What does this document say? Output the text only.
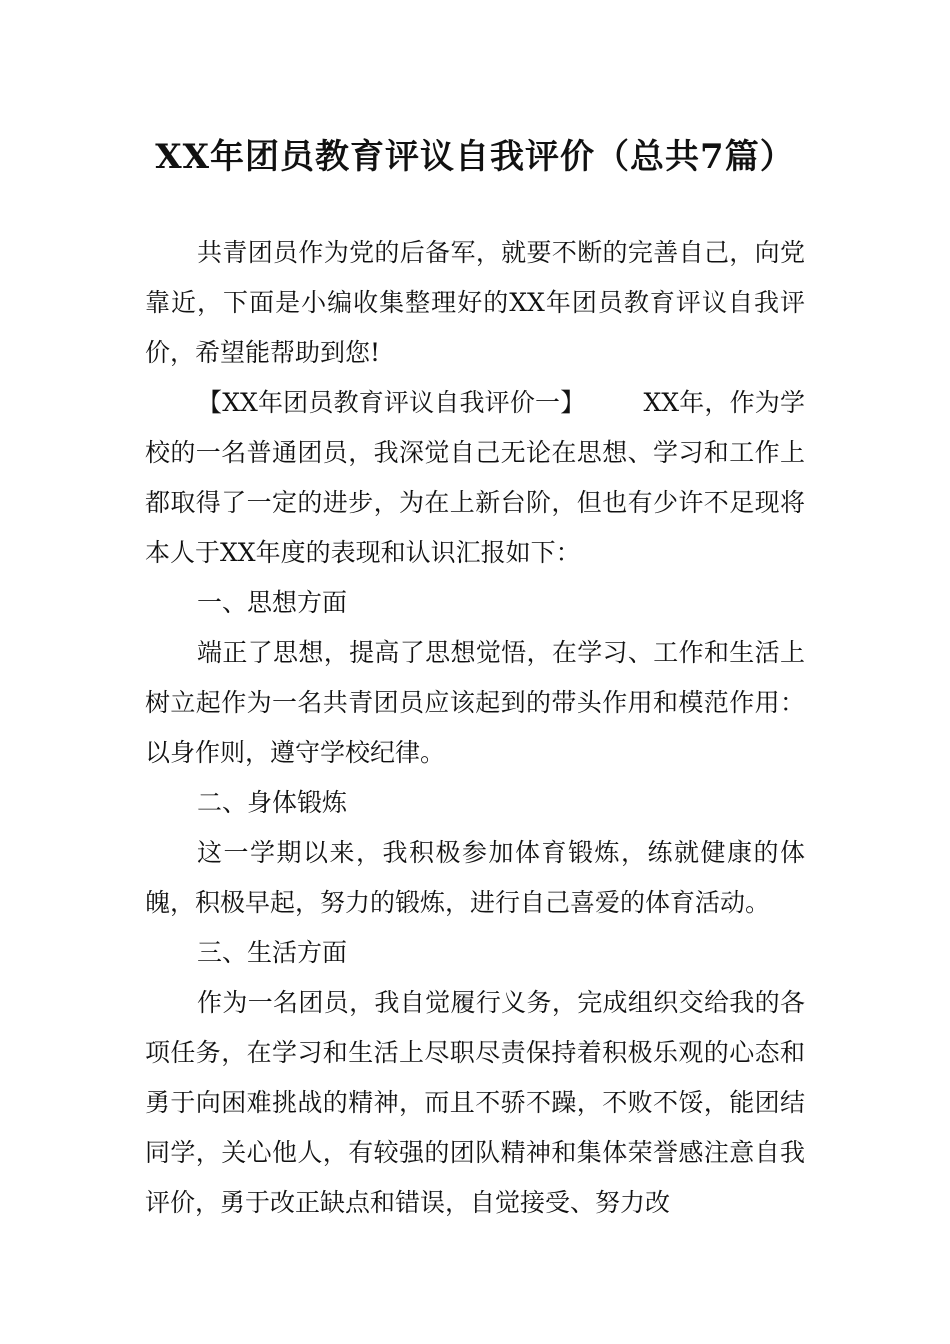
XX年团员教育评议自我评价（总共7篇）

共青团员作为党的后备军，就要不断的完善自己，向党靠近，下面是小编收集整理好的XX年团员教育评议自我评价，希望能帮助到您!

【XX年团员教育评议自我评价一】 XX年，作为学校的一名普通团员，我深觉自己无论在思想、学习和工作上都取得了一定的进步，为在上新台阶，但也有少许不足现将本人于XX年度的表现和认识汇报如下：

一、思想方面

端正了思想，提高了思想觉悟，在学习、工作和生活上树立起作为一名共青团员应该起到的带头作用和模范作用：以身作则，遵守学校纪律。

二、身体锻炼

这一学期以来，我积极参加体育锻炼，练就健康的体魄，积极早起，努力的锻炼，进行自己喜爱的体育活动。

三、生活方面

作为一名团员，我自觉履行义务，完成组织交给我的各项任务，在学习和生活上尽职尽责保持着积极乐观的心态和勇于向困难挑战的精神，而且不骄不躁，不败不馁，能团结同学，关心他人，有较强的团队精神和集体荣誉感注意自我评价，勇于改正缺点和错误，自觉接受、努力改
